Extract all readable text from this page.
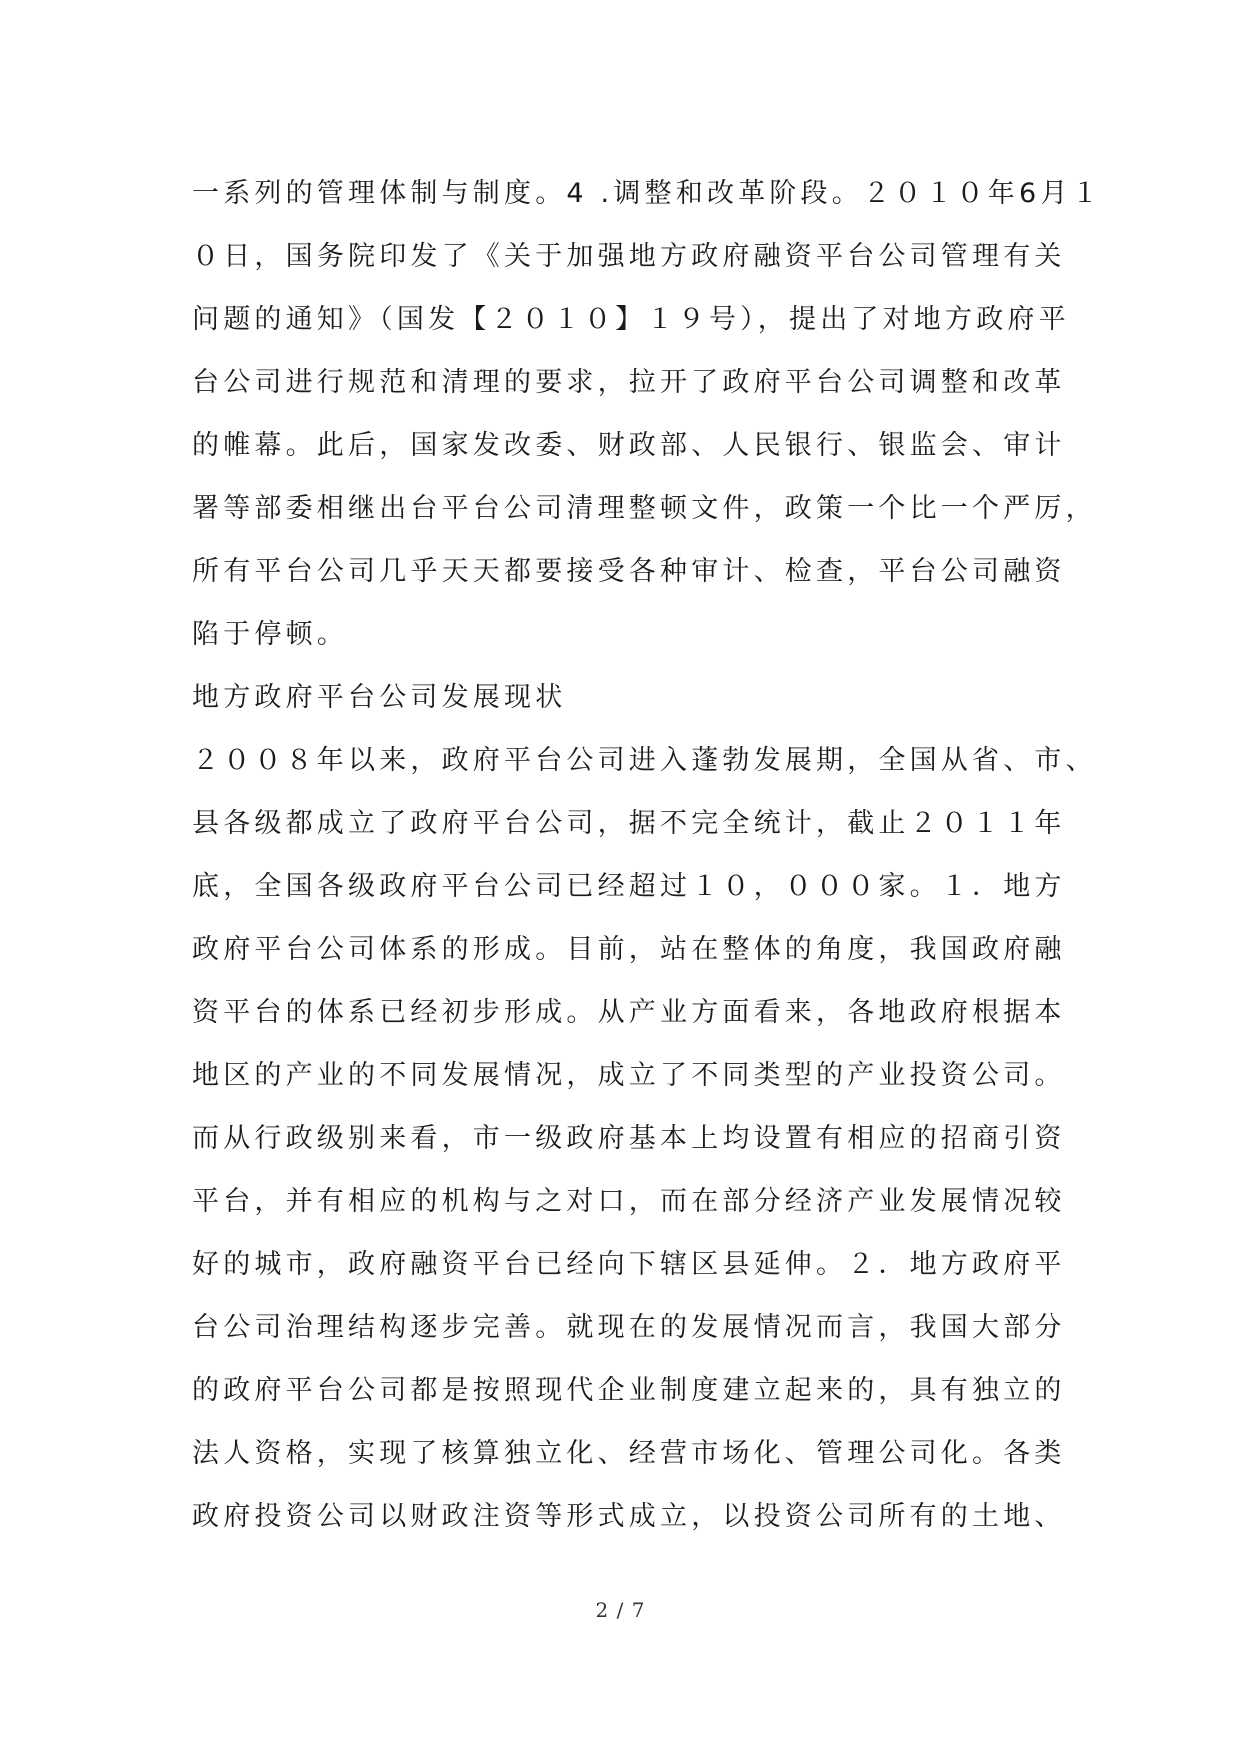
一系列的管理体制与制度。4 .调整和改革阶段。２０１０年6月１
０日，国务院印发了《关于加强地方政府融资平台公司管理有关
问题的通知》（国发【２０１０】１９号），提出了对地方政府平
台公司进行规范和清理的要求，拉开了政府平台公司调整和改革
的帷幕。此后，国家发改委、财政部、人民银行、银监会、审计
署等部委相继出台平台公司清理整顿文件，政策一个比一个严厉，
所有平台公司几乎天天都要接受各种审计、检查，平台公司融资
陷于停顿。
地方政府平台公司发展现状
２００８年以来，政府平台公司进入蓬勃发展期，全国从省、市、
县各级都成立了政府平台公司，据不完全统计，截止２０１１年
底，全国各级政府平台公司已经超过１０，０００家。１．地方
政府平台公司体系的形成。目前，站在整体的角度，我国政府融
资平台的体系已经初步形成。从产业方面看来，各地政府根据本
地区的产业的不同发展情况，成立了不同类型的产业投资公司。
而从行政级别来看，市一级政府基本上均设置有相应的招商引资
平台，并有相应的机构与之对口，而在部分经济产业发展情况较
好的城市，政府融资平台已经向下辖区县延伸。２．地方政府平
台公司治理结构逐步完善。就现在的发展情况而言，我国大部分
的政府平台公司都是按照现代企业制度建立起来的，具有独立的
法人资格，实现了核算独立化、经营市场化、管理公司化。各类
政府投资公司以财政注资等形式成立，以投资公司所有的土地、
2 / 7
